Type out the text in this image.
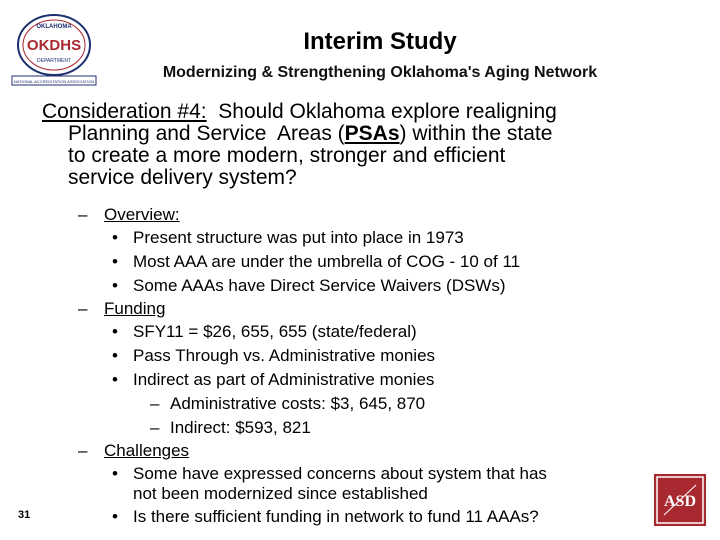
OKLAHOMA
OKDHS
DEPARTMENT
NATIONAL ACCREDITATION ASSOCIATION
Interim Study
Modernizing & Strengthening Oklahoma's Aging Network
Consideration #4:  Should Oklahoma explore realigning
Planning and Service  Areas (PSAs) within the state
to create a more modern, stronger and efficient
service delivery system?
– Overview:
• Present structure was put into place in 1973
• Most AAA are under the umbrella of COG - 10 of 11
• Some AAAs have Direct Service Waivers (DSWs)
– Funding
• SFY11 = $26, 655, 655 (state/federal)
• Pass Through vs. Administrative monies
• Indirect as part of Administrative monies
– Administrative costs: $3, 645, 870
– Indirect: $593, 821
– Challenges
• Some have expressed concerns about system that has
not been modernized since established
• Is there sufficient funding in network to fund 11 AAAs?
31
ASD
